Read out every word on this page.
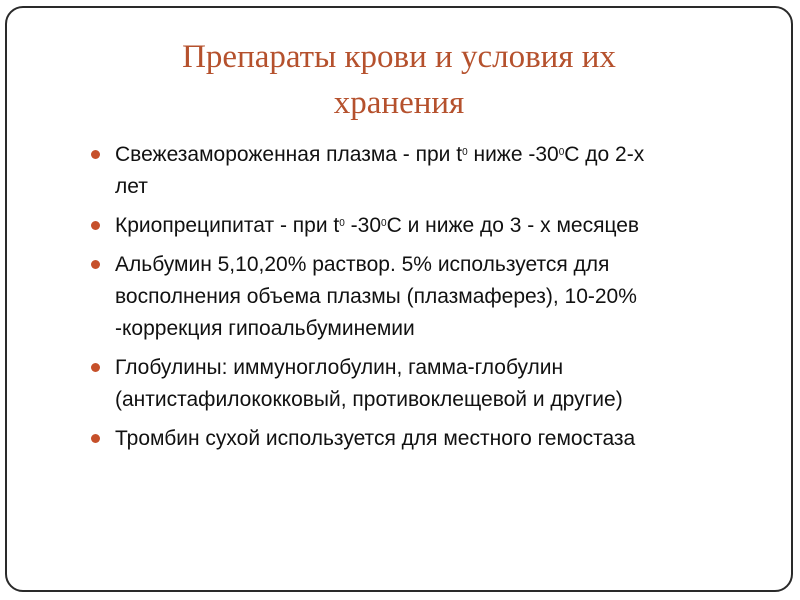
Препараты крови и условия их
хранения
Свежезамороженная плазма - при $t^0$ ниже $-30^0С$ до 2-х
лет
Криопреципитат - при $t^0$ $-30^0С$ и ниже до 3 - х месяцев
Альбумин 5,10,20% раствор. 5% используется для
восполнения объема плазмы (плазмаферез), 10-20%
-коррекция гипоальбуминемии
Глобулины: иммуноглобулин, гамма-глобулин
(антистафилококковый, противоклещевой и другие)
Тромбин сухой используется для местного гемостаза
